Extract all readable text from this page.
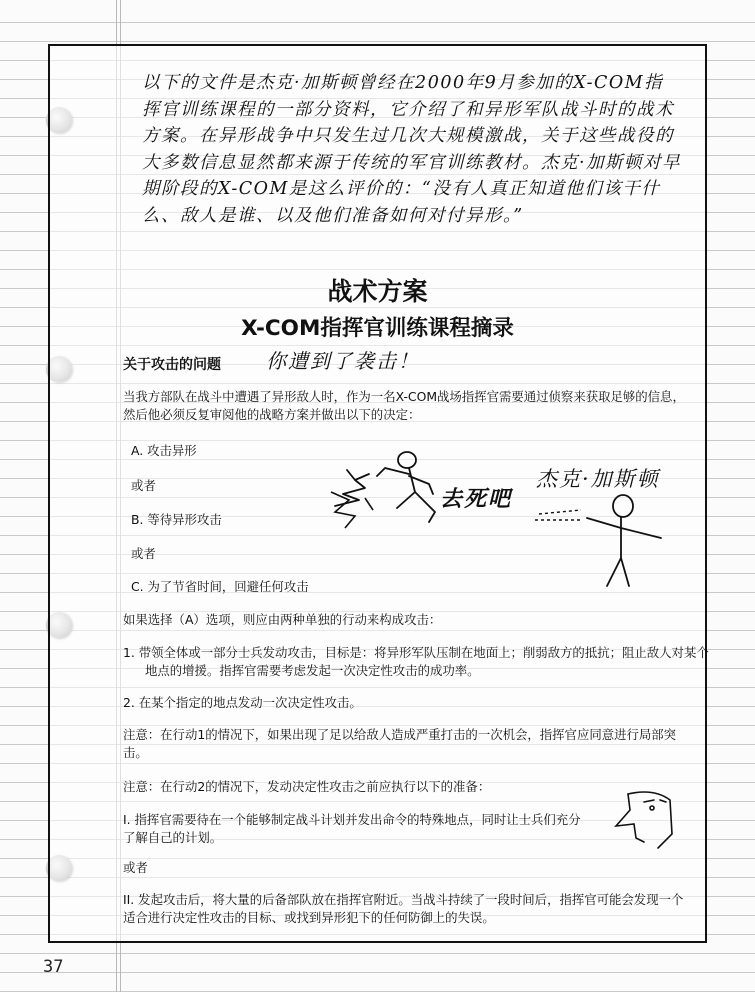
以下的文件是杰克·加斯顿曾经在2000年9月参加的X-COM指挥官训练课程的一部分资料，它介绍了和异形军队战斗时的战术方案。在异形战争中只发生过几次大规模激战，关于这些战役的大多数信息显然都来源于传统的军官训练教材。杰克·加斯顿对早期阶段的X-COM是这么评价的：“没有人真正知道他们该干什么、敌人是谁、以及他们准备如何对付异形。”

战术方案
X-COM指挥官训练课程摘录
关于攻击的问题 你遭到了袭击！

当我方部队在战斗中遭遇了异形敌人时，作为一名X-COM战场指挥官需要通过侦察来获取足够的信息，然后他必须反复审阅他的战略方案并做出以下的决定：

A. 攻击异形

或者

B. 等待异形攻击

或者

C. 为了节省时间，回避任何攻击

去死吧
杰克·加斯顿

如果选择（A）选项，则应由两种单独的行动来构成攻击：

1. 带领全体或一部分士兵发动攻击，目标是：将异形军队压制在地面上；削弱敌方的抵抗；阻止敌人对某个地点的增援。指挥官需要考虑发起一次决定性攻击的成功率。

2. 在某个指定的地点发动一次决定性攻击。

注意：在行动1的情况下，如果出现了足以给敌人造成严重打击的一次机会，指挥官应同意进行局部突击。

注意：在行动2的情况下，发动决定性攻击之前应执行以下的准备：

I. 指挥官需要待在一个能够制定战斗计划并发出命令的特殊地点，同时让士兵们充分了解自己的计划。

或者

II. 发起攻击后，将大量的后备部队放在指挥官附近。当战斗持续了一段时间后，指挥官可能会发现一个适合进行决定性攻击的目标、或找到异形犯下的任何防御上的失误。

37
